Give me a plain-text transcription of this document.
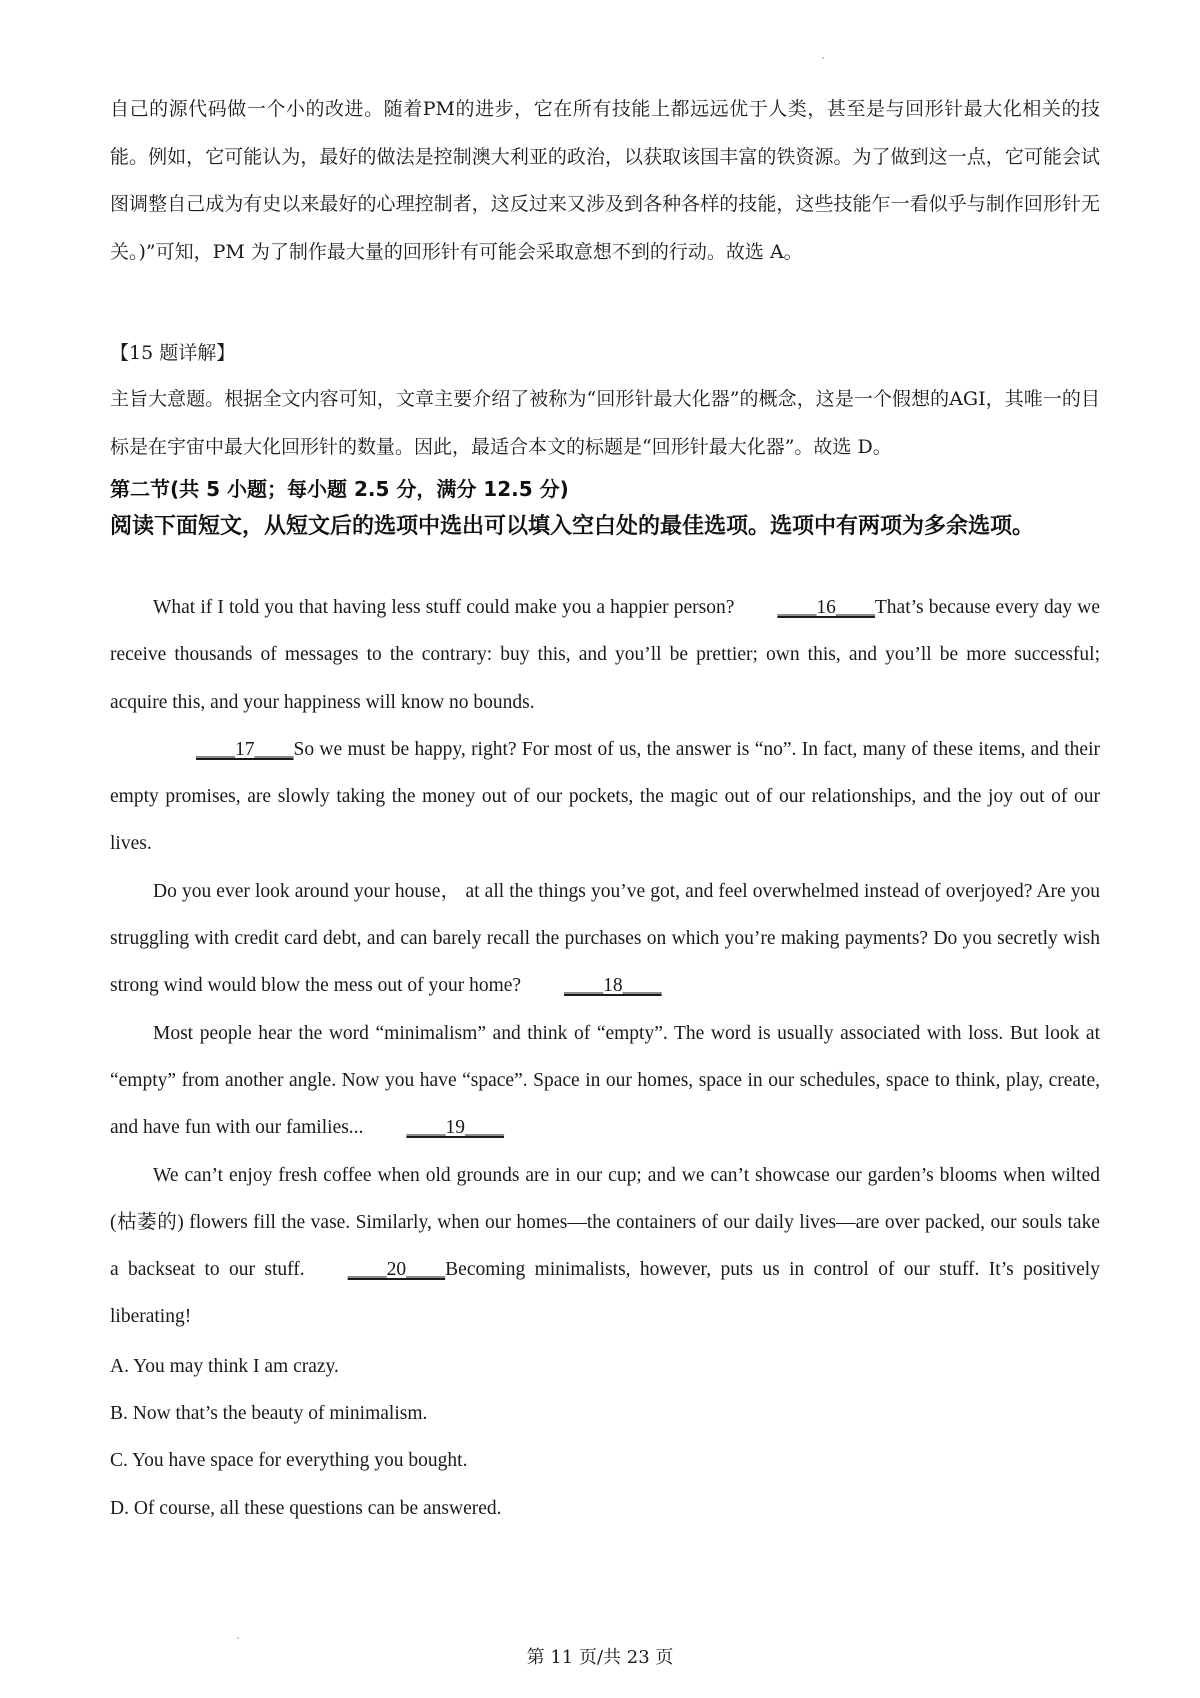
自己的源代码做一个小的改进。随着PM的进步，它在所有技能上都远远优于人类，甚至是与回形针最大化相关的技能。例如，它可能认为，最好的做法是控制澳大利亚的政治，以获取该国丰富的铁资源。为了做到这一点，它可能会试图调整自己成为有史以来最好的心理控制者，这反过来又涉及到各种各样的技能，这些技能乍一看似乎与制作回形针无关。)”可知，PM 为了制作最大量的回形针有可能会采取意想不到的行动。故选 A。
【15 题详解】
主旨大意题。根据全文内容可知，文章主要介绍了被称为“回形针最大化器”的概念，这是一个假想的AGI，其唯一的目标是在宇宙中最大化回形针的数量。因此，最适合本文的标题是“回形针最大化器”。故选 D。
第二节(共 5 小题；每小题 2.5 分，满分 12.5 分)
阅读下面短文，从短文后的选项中选出可以填入空白处的最佳选项。选项中有两项为多余选项。

What if I told you that having less stuff could make you a happier person? ____16____That’s because every day we receive thousands of messages to the contrary: buy this, and you’ll be prettier; own this, and you’ll be more successful; acquire this, and your happiness will know no bounds.

____17____So we must be happy, right? For most of us, the answer is “no”. In fact, many of these items, and their empty promises, are slowly taking the money out of our pockets, the magic out of our relationships, and the joy out of our lives.

Do you ever look around your house， at all the things you’ve got, and feel overwhelmed instead of overjoyed? Are you struggling with credit card debt, and can barely recall the purchases on which you’re making payments? Do you secretly wish strong wind would blow the mess out of your home? ____18____

Most people hear the word “minimalism” and think of “empty”. The word is usually associated with loss. But look at “empty” from another angle. Now you have “space”. Space in our homes, space in our schedules, space to think, play, create, and have fun with our families... ____19____

We can’t enjoy fresh coffee when old grounds are in our cup; and we can’t showcase our garden’s blooms when wilted (枯萎的) flowers fill the vase. Similarly, when our homes—the containers of our daily lives—are over packed, our souls take a backseat to our stuff. ____20____Becoming minimalists, however, puts us in control of our stuff. It’s positively liberating!

A. You may think I am crazy.
B. Now that’s the beauty of minimalism.
C. You have space for everything you bought.
D. Of course, all these questions can be answered.
第 11 页/共 23 页
